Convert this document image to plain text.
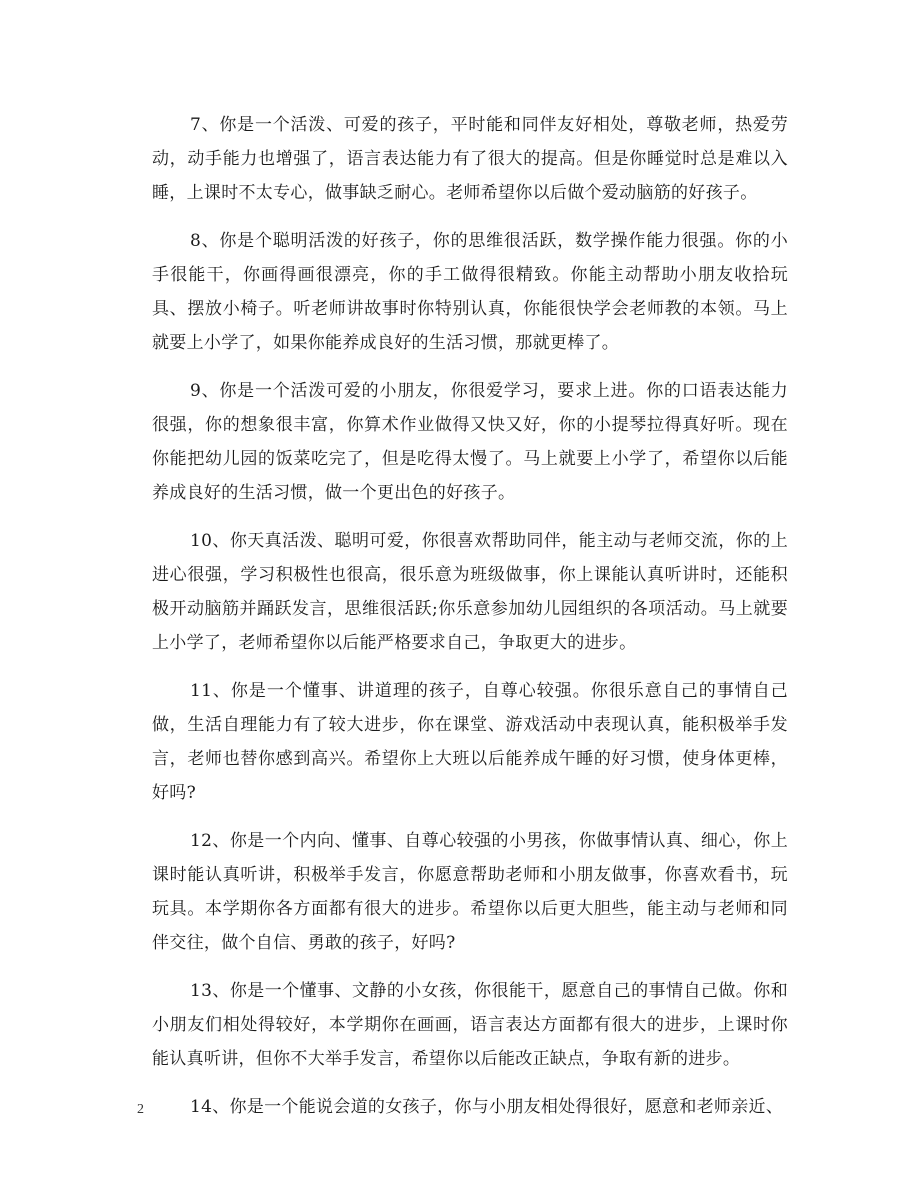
7、你是一个活泼、可爱的孩子，平时能和同伴友好相处，尊敬老师，热爱劳动，动手能力也增强了，语言表达能力有了很大的提高。但是你睡觉时总是难以入睡，上课时不太专心，做事缺乏耐心。老师希望你以后做个爱动脑筋的好孩子。

8、你是个聪明活泼的好孩子，你的思维很活跃，数学操作能力很强。你的小手很能干，你画得画很漂亮，你的手工做得很精致。你能主动帮助小朋友收拾玩具、摆放小椅子。听老师讲故事时你特别认真，你能很快学会老师教的本领。马上就要上小学了，如果你能养成良好的生活习惯，那就更棒了。

9、你是一个活泼可爱的小朋友，你很爱学习，要求上进。你的口语表达能力很强，你的想象很丰富，你算术作业做得又快又好，你的小提琴拉得真好听。现在你能把幼儿园的饭菜吃完了，但是吃得太慢了。马上就要上小学了，希望你以后能养成良好的生活习惯，做一个更出色的好孩子。

10、你天真活泼、聪明可爱，你很喜欢帮助同伴，能主动与老师交流，你的上进心很强，学习积极性也很高，很乐意为班级做事，你上课能认真听讲时，还能积极开动脑筋并踊跃发言，思维很活跃;你乐意参加幼儿园组织的各项活动。马上就要上小学了，老师希望你以后能严格要求自己，争取更大的进步。

11、你是一个懂事、讲道理的孩子，自尊心较强。你很乐意自己的事情自己做，生活自理能力有了较大进步，你在课堂、游戏活动中表现认真，能积极举手发言，老师也替你感到高兴。希望你上大班以后能养成午睡的好习惯，使身体更棒，好吗?

12、你是一个内向、懂事、自尊心较强的小男孩，你做事情认真、细心，你上课时能认真听讲，积极举手发言，你愿意帮助老师和小朋友做事，你喜欢看书，玩玩具。本学期你各方面都有很大的进步。希望你以后更大胆些，能主动与老师和同伴交往，做个自信、勇敢的孩子，好吗?

13、你是一个懂事、文静的小女孩，你很能干，愿意自己的事情自己做。你和小朋友们相处得较好，本学期你在画画，语言表达方面都有很大的进步，上课时你能认真听讲，但你不大举手发言，希望你以后能改正缺点，争取有新的进步。

14、你是一个能说会道的女孩子，你与小朋友相处得很好，愿意和老师亲近、

2
